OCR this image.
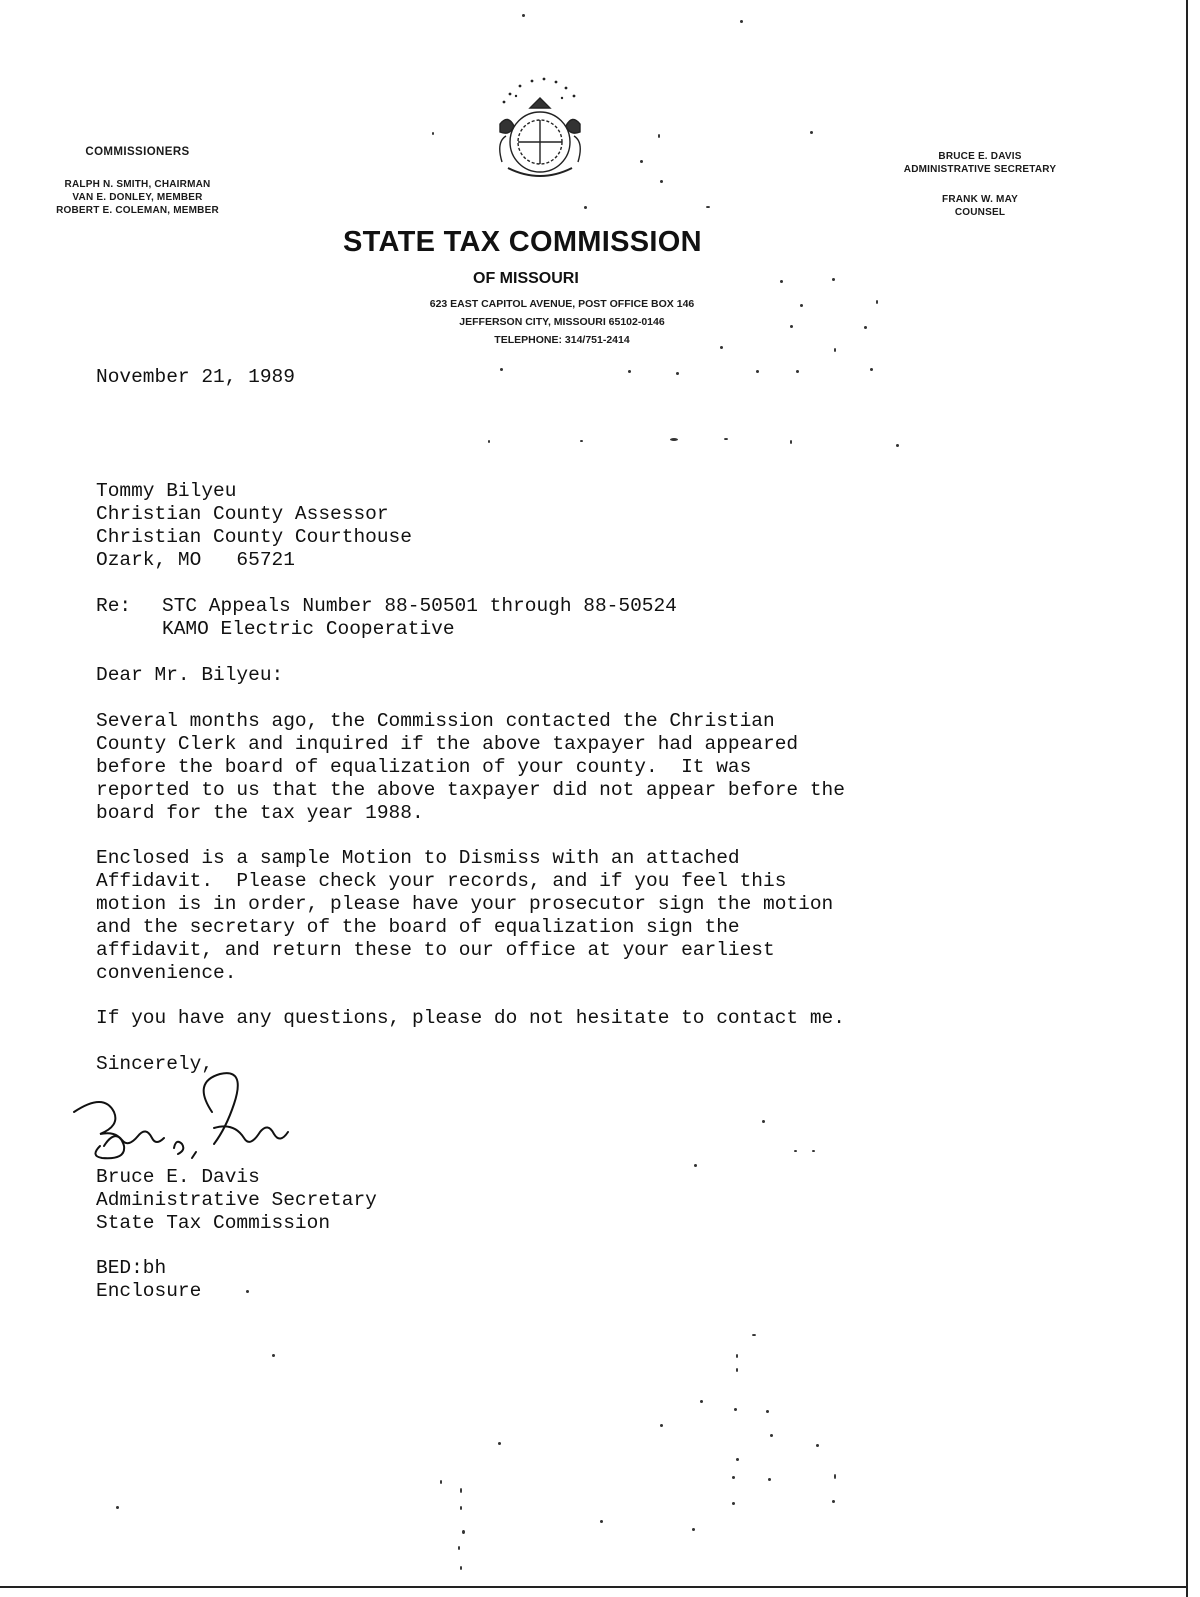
COMMISSIONERS
RALPH N. SMITH, CHAIRMAN
VAN E. DONLEY, MEMBER
ROBERT E. COLEMAN, MEMBER
BRUCE E. DAVIS
ADMINISTRATIVE SECRETARY
FRANK W. MAY
COUNSEL
STATE TAX COMMISSION
OF MISSOURI
623 EAST CAPITOL AVENUE, POST OFFICE BOX 146
JEFFERSON CITY, MISSOURI 65102-0146
TELEPHONE: 314/751-2414
November 21, 1989
Tommy Bilyeu
Christian County Assessor
Christian County Courthouse
Ozark, MO   65721
Re:	STC Appeals Number 88-50501 through 88-50524
KAMO Electric Cooperative
Dear Mr. Bilyeu:
Several months ago, the Commission contacted the Christian
County Clerk and inquired if the above taxpayer had appeared
before the board of equalization of your county.  It was
reported to us that the above taxpayer did not appear before the
board for the tax year 1988.
Enclosed is a sample Motion to Dismiss with an attached
Affidavit.  Please check your records, and if you feel this
motion is in order, please have your prosecutor sign the motion
and the secretary of the board of equalization sign the
affidavit, and return these to our office at your earliest
convenience.
If you have any questions, please do not hesitate to contact me.
Sincerely,
Bruce E. Davis
Administrative Secretary
State Tax Commission
BED:bh
Enclosure
